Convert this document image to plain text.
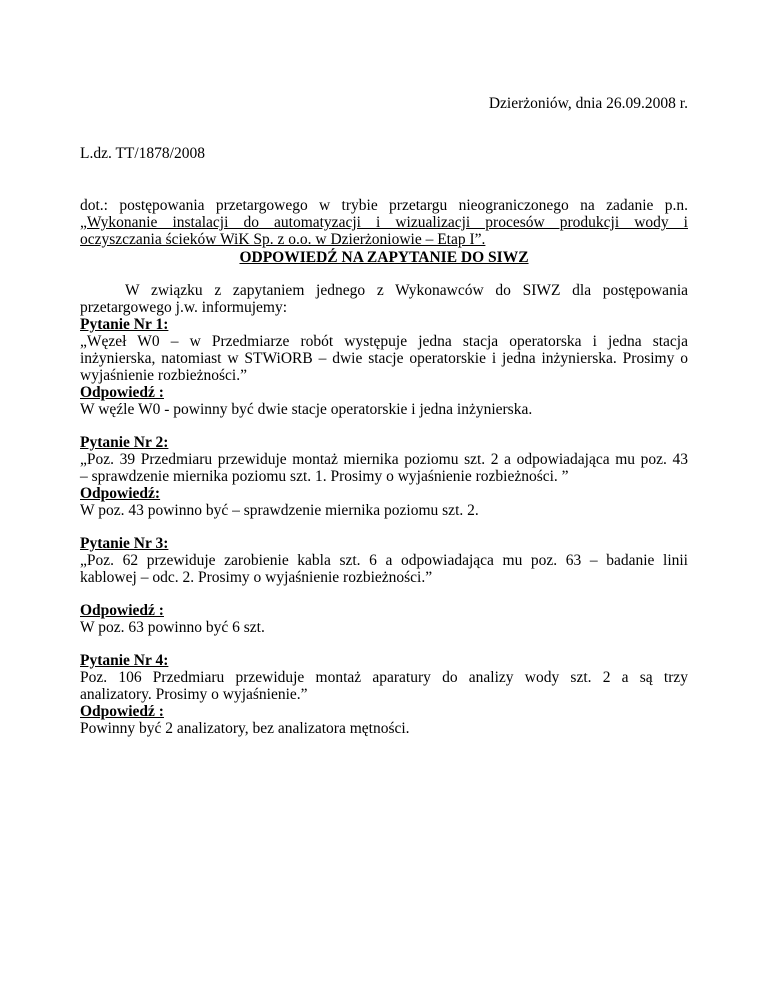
Dzierżoniów, dnia 26.09.2008 r.
L.dz. TT/1878/2008
dot.: postępowania przetargowego w trybie przetargu nieograniczonego na zadanie p.n.
„Wykonanie instalacji do automatyzacji i wizualizacji procesów produkcji wody i
oczyszczania ścieków WiK Sp. z o.o. w Dzierżoniowie – Etap I”.
ODPOWIEDŹ NA ZAPYTANIE DO SIWZ
W związku z zapytaniem jednego z Wykonawców do SIWZ dla postępowania
przetargowego j.w. informujemy:
Pytanie Nr 1:
„Węzeł W0 – w Przedmiarze robót występuje jedna stacja operatorska i jedna stacja
inżynierska, natomiast w STWiORB – dwie stacje operatorskie i jedna inżynierska. Prosimy o
wyjaśnienie rozbieżności.”
Odpowiedź :
W węźle W0 - powinny być dwie stacje operatorskie i jedna inżynierska.
Pytanie Nr 2:
„Poz. 39 Przedmiaru przewiduje montaż miernika poziomu szt. 2 a odpowiadająca mu poz. 43
– sprawdzenie miernika poziomu szt. 1. Prosimy o wyjaśnienie rozbieżności. ”
Odpowiedź:
W poz. 43 powinno być – sprawdzenie miernika poziomu szt. 2.
Pytanie Nr 3:
„Poz. 62 przewiduje zarobienie kabla szt. 6 a odpowiadająca mu poz. 63 – badanie linii
kablowej – odc. 2. Prosimy o wyjaśnienie rozbieżności.”
Odpowiedź :
W poz. 63 powinno być 6 szt.
Pytanie Nr 4:
Poz. 106 Przedmiaru przewiduje montaż aparatury do analizy wody szt. 2 a są trzy
analizatory. Prosimy o wyjaśnienie.”
Odpowiedź :
Powinny być 2 analizatory, bez analizatora mętności.
